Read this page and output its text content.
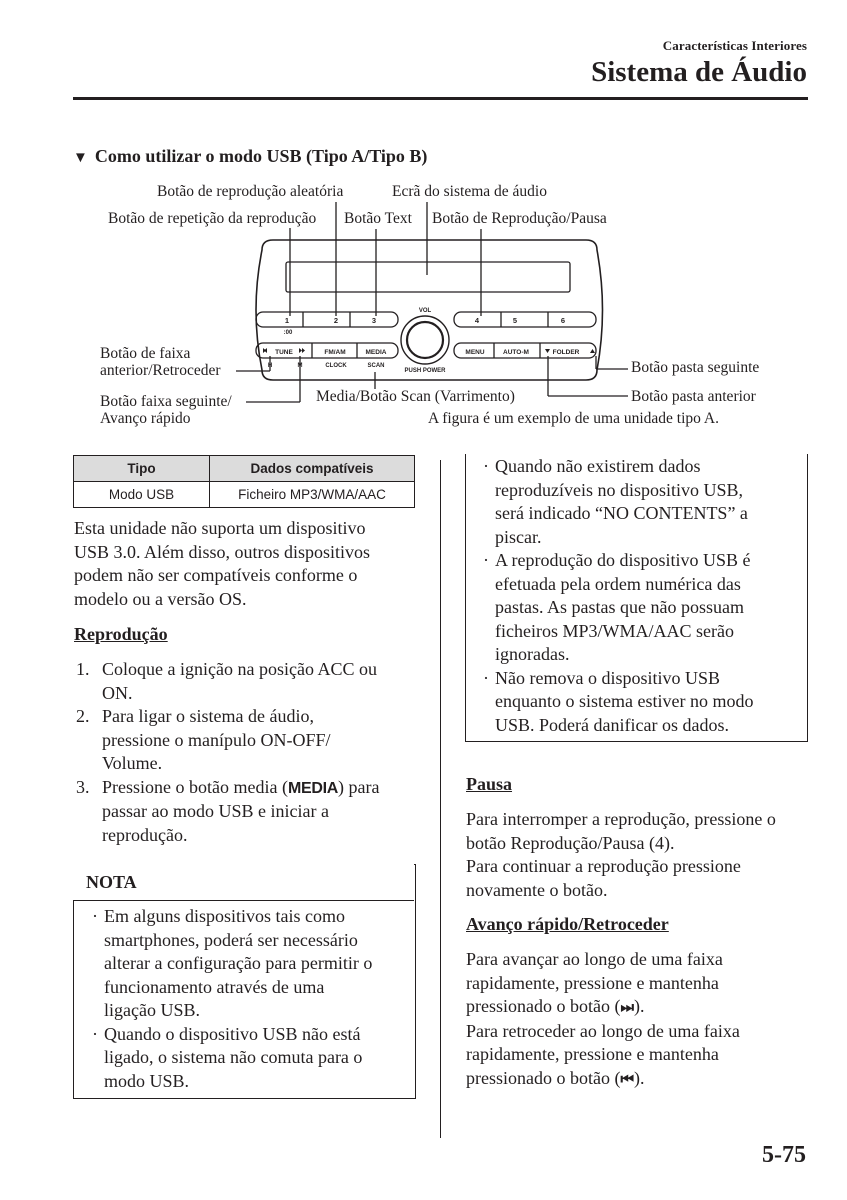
Características Interiores
Sistema de Áudio
▼ Como utilizar o modo USB (Tipo A/Tipo B)
Botão de reprodução aleatória	Ecrã do sistema de áudio
Botão de repetição da reprodução Botão Text Botão de Reprodução/Pausa
Botão de faixa
anterior/Retroceder	Botão pasta seguinte
Media/Botão Scan (Varrimento)	Botão pasta anterior
Botão faixa seguinte/
Avanço rápido	A figura é um exemplo de uma unidade tipo A.
1	2	3	4	5	6
:00
VOL
TUNE	FM/AM	MEDIA	MENU	AUTO-M	FOLDER
H	M	CLOCK	SCAN
PUSH POWER
Tipo	Dados compatíveis
Modo USB	Ficheiro MP3/WMA/AAC
Esta unidade não suporta um dispositivo
USB 3.0. Além disso, outros dispositivos
podem não ser compatíveis conforme o
modelo ou a versão OS.
Reprodução
1. Coloque a ignição na posição ACC ou
ON.
2. Para ligar o sistema de áudio,
pressione o manípulo ON-OFF/
Volume.
3. Pressione o botão media (MEDIA) para
passar ao modo USB e iniciar a
reprodução.
NOTA
· Em alguns dispositivos tais como
smartphones, poderá ser necessário
alterar a configuração para permitir o
funcionamento através de uma
ligação USB.
· Quando o dispositivo USB não está
ligado, o sistema não comuta para o
modo USB.
· Quando não existirem dados
reproduzíveis no dispositivo USB,
será indicado “NO CONTENTS” a
piscar.
· A reprodução do dispositivo USB é
efetuada pela ordem numérica das
pastas. As pastas que não possuam
ficheiros MP3/WMA/AAC serão
ignoradas.
· Não remova o dispositivo USB
enquanto o sistema estiver no modo
USB. Poderá danificar os dados.
Pausa
Para interromper a reprodução, pressione o
botão Reprodução/Pausa (4).
Para continuar a reprodução pressione
novamente o botão.
Avanço rápido/Retroceder
Para avançar ao longo de uma faixa
rapidamente, pressione e mantenha
pressionado o botão (⏭).
Para retroceder ao longo de uma faixa
rapidamente, pressione e mantenha
pressionado o botão (⏮).
5-75
